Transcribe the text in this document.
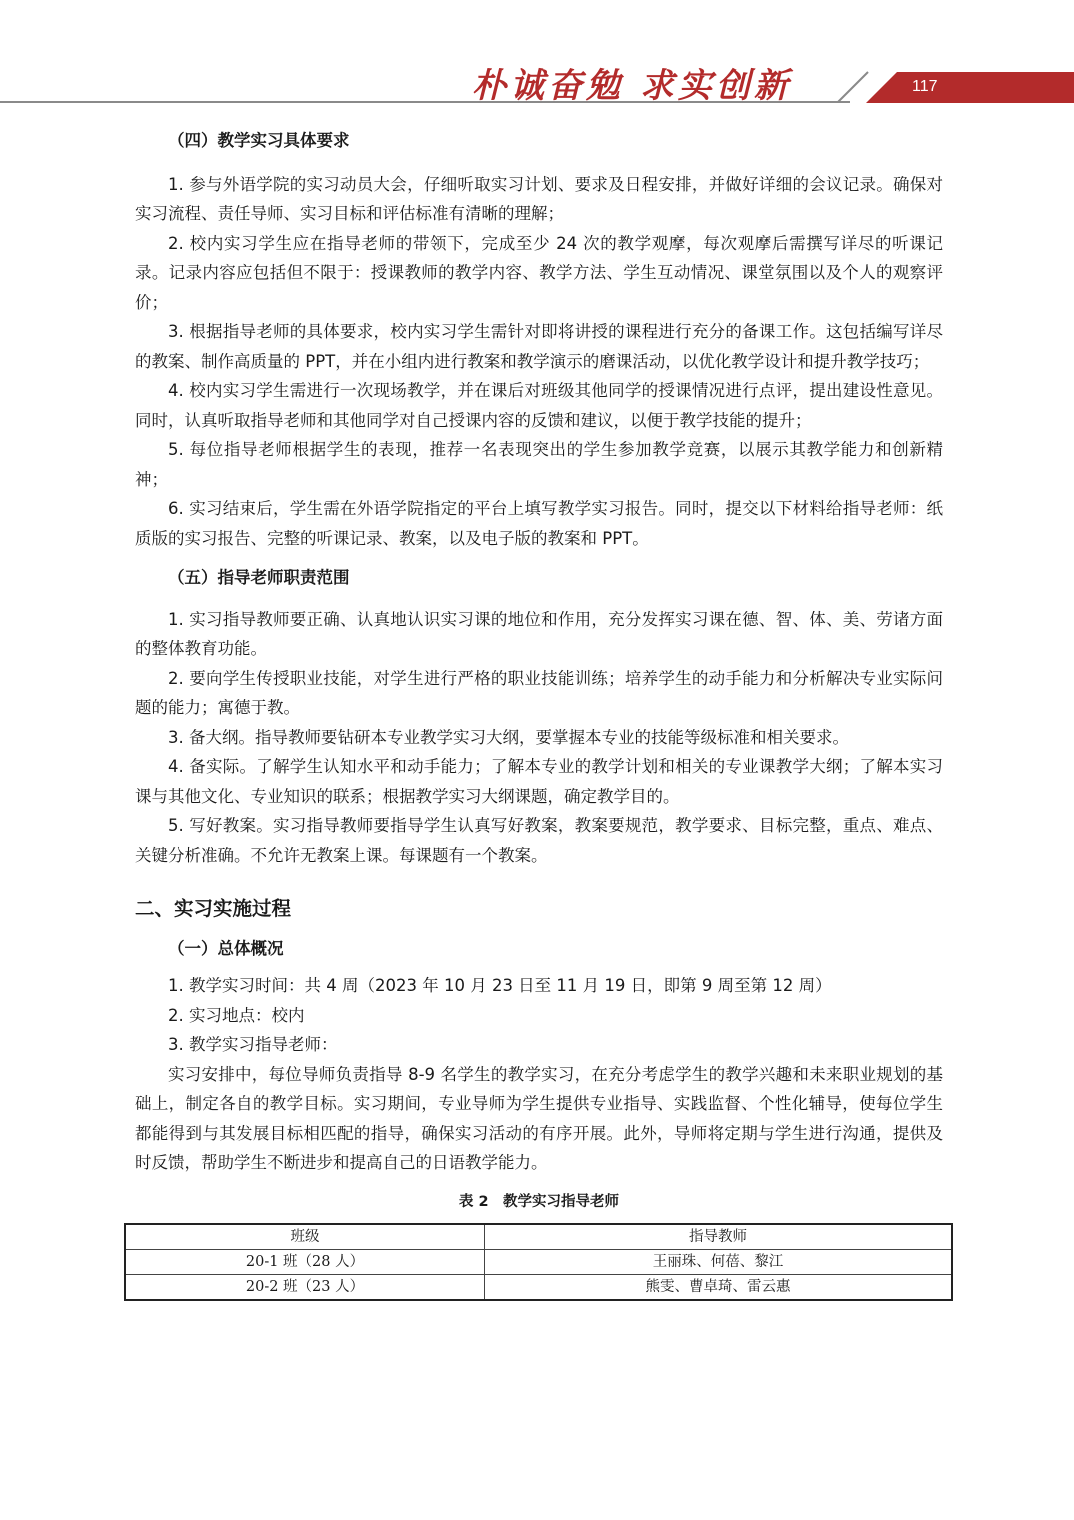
朴诚奋勉 求实创新	117

（四）教学实习具体要求

1. 参与外语学院的实习动员大会，仔细听取实习计划、要求及日程安排，并做好详细的会议记录。确保对实习流程、责任导师、实习目标和评估标准有清晰的理解；

2. 校内实习学生应在指导老师的带领下，完成至少 24 次的教学观摩，每次观摩后需撰写详尽的听课记录。记录内容应包括但不限于：授课教师的教学内容、教学方法、学生互动情况、课堂氛围以及个人的观察评价；

3. 根据指导老师的具体要求，校内实习学生需针对即将讲授的课程进行充分的备课工作。这包括编写详尽的教案、制作高质量的 PPT，并在小组内进行教案和教学演示的磨课活动，以优化教学设计和提升教学技巧；

4. 校内实习学生需进行一次现场教学，并在课后对班级其他同学的授课情况进行点评，提出建设性意见。同时，认真听取指导老师和其他同学对自己授课内容的反馈和建议，以便于教学技能的提升；

5. 每位指导老师根据学生的表现，推荐一名表现突出的学生参加教学竞赛，以展示其教学能力和创新精神；

6. 实习结束后，学生需在外语学院指定的平台上填写教学实习报告。同时，提交以下材料给指导老师：纸质版的实习报告、完整的听课记录、教案，以及电子版的教案和 PPT。

（五）指导老师职责范围

1. 实习指导教师要正确、认真地认识实习课的地位和作用，充分发挥实习课在德、智、体、美、劳诸方面的整体教育功能。

2. 要向学生传授职业技能，对学生进行严格的职业技能训练；培养学生的动手能力和分析解决专业实际问题的能力；寓德于教。

3. 备大纲。指导教师要钻研本专业教学实习大纲，要掌握本专业的技能等级标准和相关要求。

4. 备实际。了解学生认知水平和动手能力；了解本专业的教学计划和相关的专业课教学大纲；了解本实习课与其他文化、专业知识的联系；根据教学实习大纲课题，确定教学目的。

5. 写好教案。实习指导教师要指导学生认真写好教案，教案要规范，教学要求、目标完整，重点、难点、关键分析准确。不允许无教案上课。每课题有一个教案。

二、实习实施过程

（一）总体概况

1. 教学实习时间：共 4 周（2023 年 10 月 23 日至 11 月 19 日，即第 9 周至第 12 周）

2. 实习地点：校内

3. 教学实习指导老师：

实习安排中，每位导师负责指导 8-9 名学生的教学实习，在充分考虑学生的教学兴趣和未来职业规划的基础上，制定各自的教学目标。实习期间，专业导师为学生提供专业指导、实践监督、个性化辅导，使每位学生都能得到与其发展目标相匹配的指导，确保实习活动的有序开展。此外，导师将定期与学生进行沟通，提供及时反馈，帮助学生不断进步和提高自己的日语教学能力。

表 2　教学实习指导老师

班级	指导教师
20-1 班（28 人）	王丽珠、何蓓、黎江
20-2 班（23 人）	熊雯、曹卓琦、雷云惠
